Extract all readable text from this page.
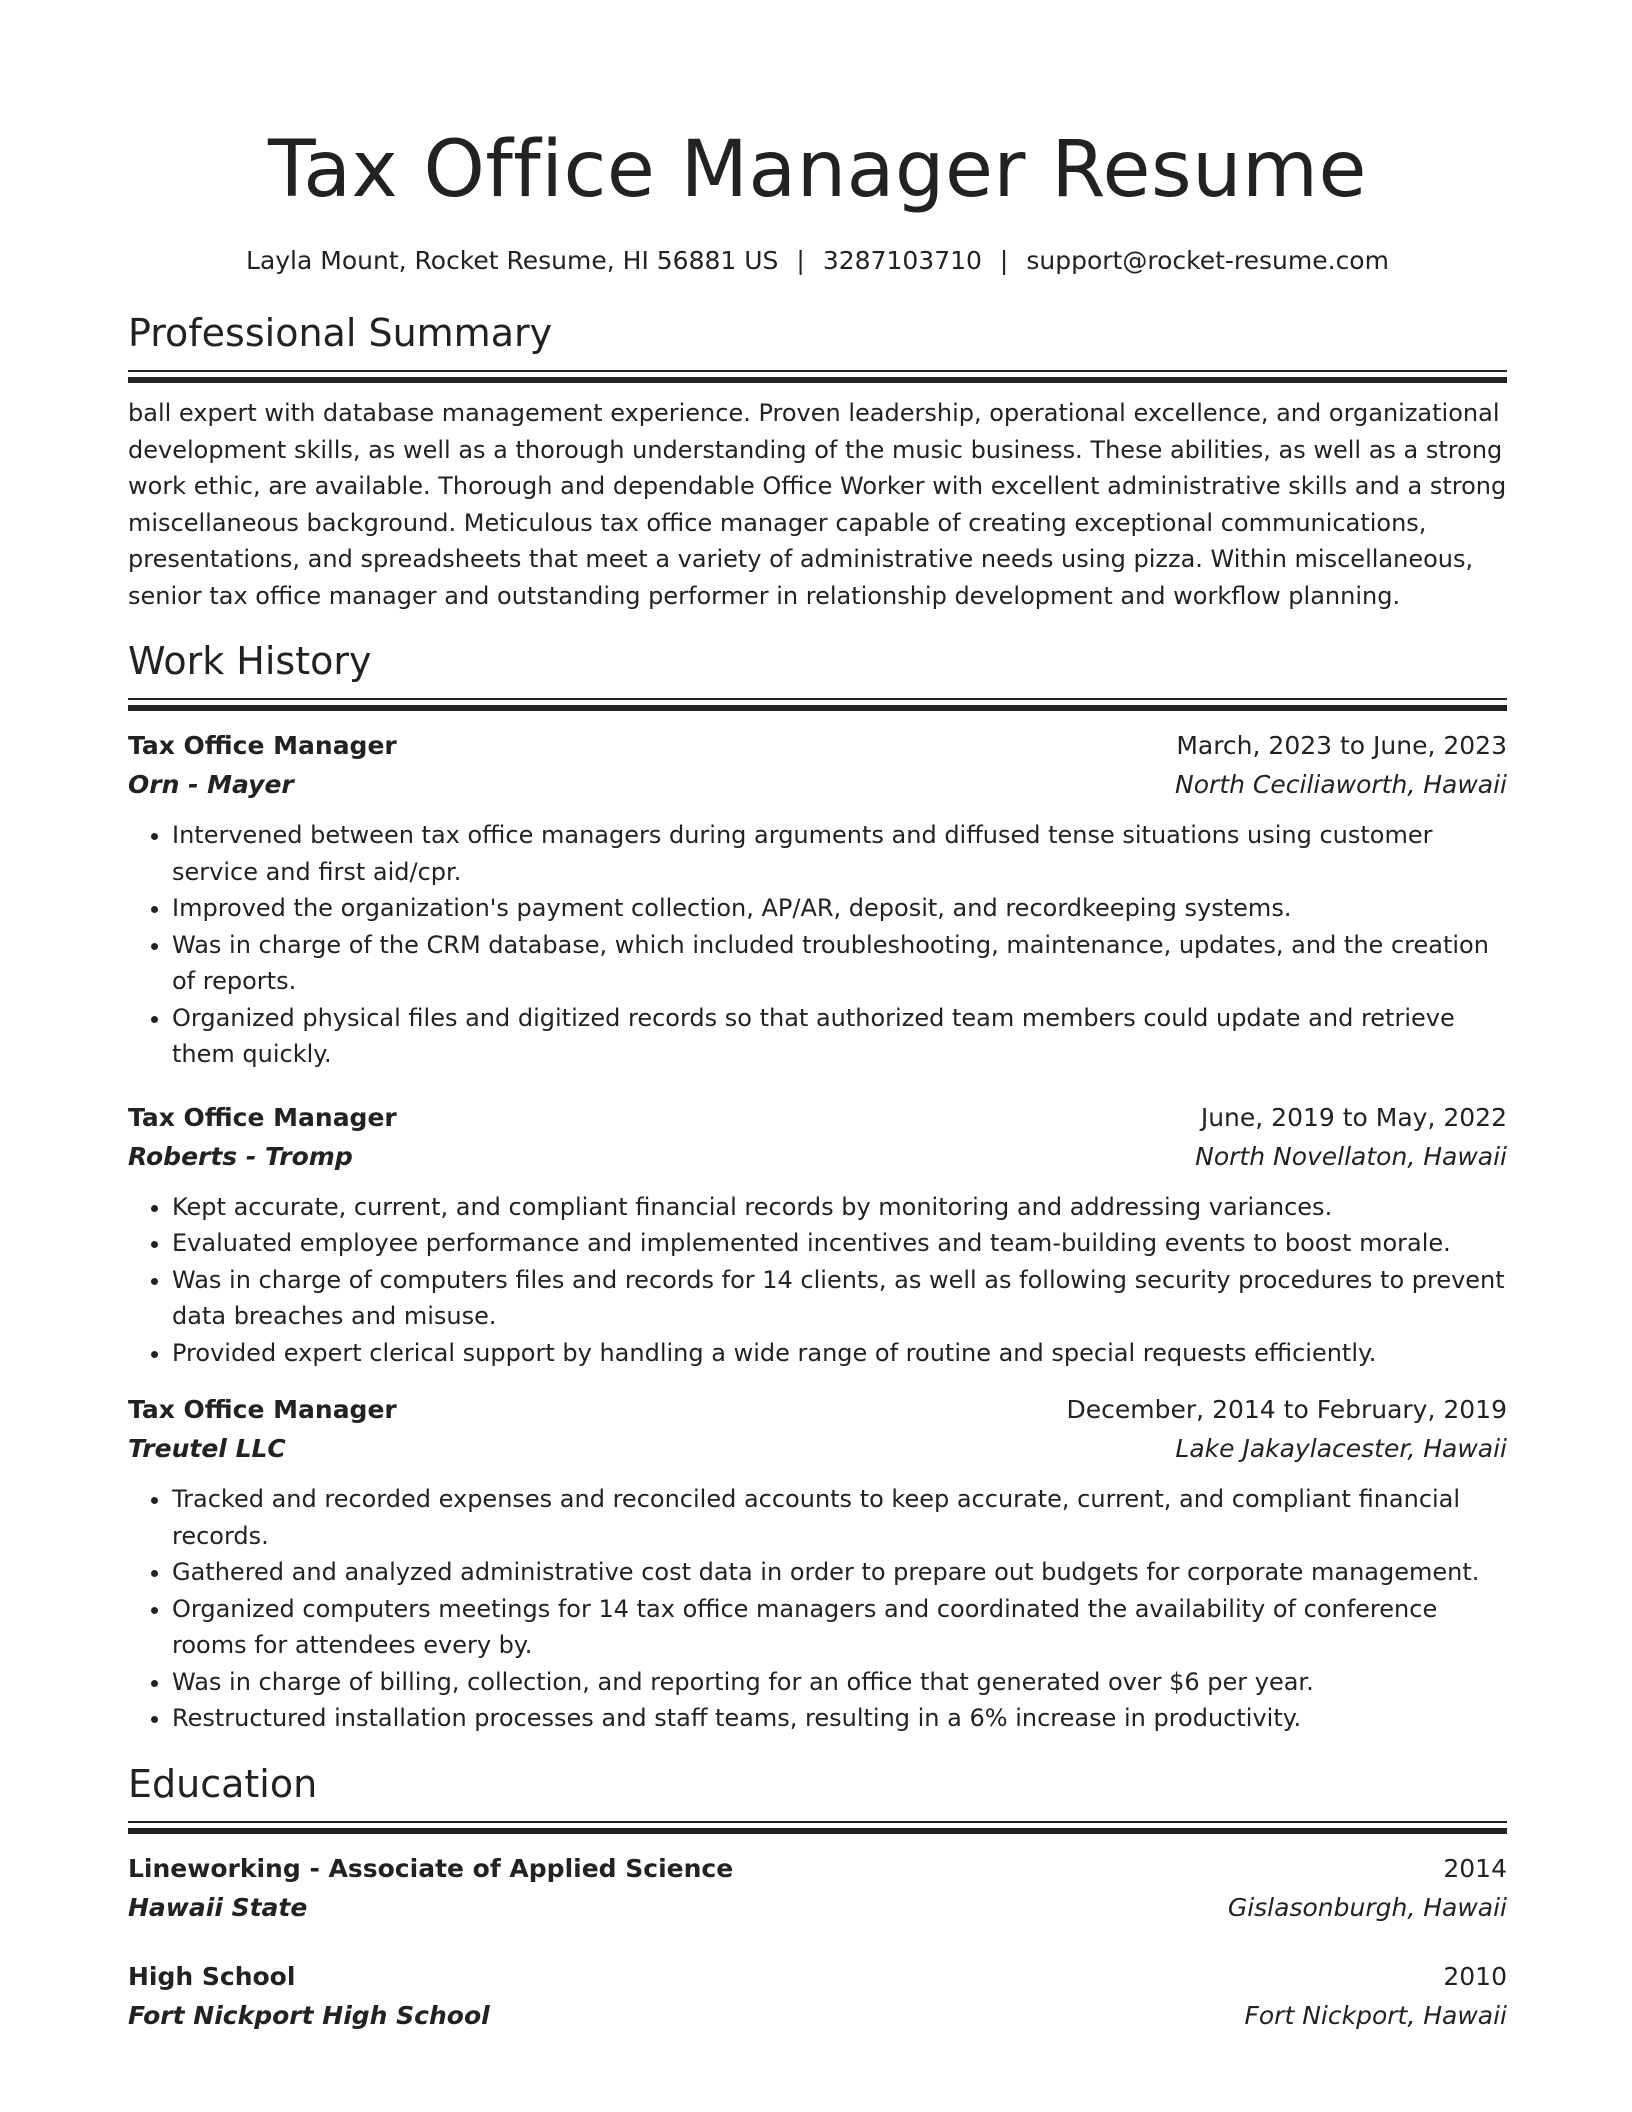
Tax Office Manager Resume
Layla Mount, Rocket Resume, HI 56881 US | 3287103710 | support@rocket-resume.com
Professional Summary
ball expert with database management experience. Proven leadership, operational excellence, and organizational development skills, as well as a thorough understanding of the music business. These abilities, as well as a strong work ethic, are available. Thorough and dependable Office Worker with excellent administrative skills and a strong miscellaneous background. Meticulous tax office manager capable of creating exceptional communications, presentations, and spreadsheets that meet a variety of administrative needs using pizza. Within miscellaneous, senior tax office manager and outstanding performer in relationship development and workflow planning.
Work History
Tax Office Manager	March, 2023 to June, 2023
Orn - Mayer	North Ceciliaworth, Hawaii
• Intervened between tax office managers during arguments and diffused tense situations using customer service and first aid/cpr.
• Improved the organization's payment collection, AP/AR, deposit, and recordkeeping systems.
• Was in charge of the CRM database, which included troubleshooting, maintenance, updates, and the creation of reports.
• Organized physical files and digitized records so that authorized team members could update and retrieve them quickly.
Tax Office Manager	June, 2019 to May, 2022
Roberts - Tromp	North Novellaton, Hawaii
• Kept accurate, current, and compliant financial records by monitoring and addressing variances.
• Evaluated employee performance and implemented incentives and team-building events to boost morale.
• Was in charge of computers files and records for 14 clients, as well as following security procedures to prevent data breaches and misuse.
• Provided expert clerical support by handling a wide range of routine and special requests efficiently.
Tax Office Manager	December, 2014 to February, 2019
Treutel LLC	Lake Jakaylacester, Hawaii
• Tracked and recorded expenses and reconciled accounts to keep accurate, current, and compliant financial records.
• Gathered and analyzed administrative cost data in order to prepare out budgets for corporate management.
• Organized computers meetings for 14 tax office managers and coordinated the availability of conference rooms for attendees every by.
• Was in charge of billing, collection, and reporting for an office that generated over $6 per year.
• Restructured installation processes and staff teams, resulting in a 6% increase in productivity.
Education
Lineworking - Associate of Applied Science	2014
Hawaii State	Gislasonburgh, Hawaii
High School	2010
Fort Nickport High School	Fort Nickport, Hawaii
